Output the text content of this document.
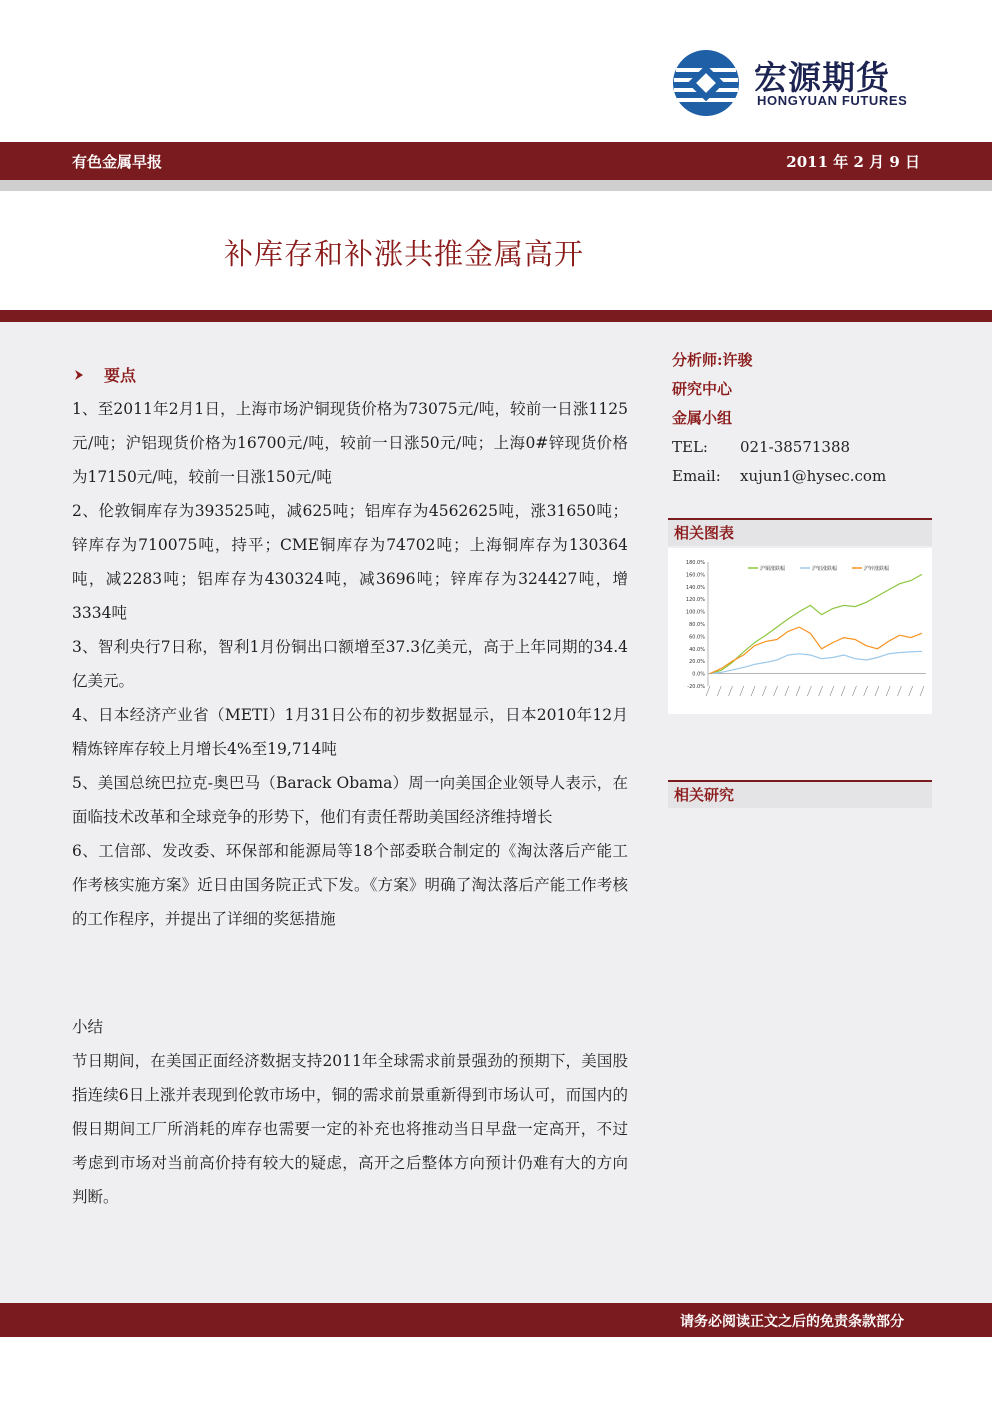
宏源期货
HONGYUAN FUTURES
有色金属早报	2011 年 2 月 9 日
补库存和补涨共推金属高开
要点

1、至2011年2月1日，上海市场沪铜现货价格为73075元/吨，较前一日涨1125元/吨；沪铝现货价格为16700元/吨，较前一日涨50元/吨；上海0#锌现货价格为17150元/吨，较前一日涨150元/吨

2、伦敦铜库存为393525吨，减625吨；铝库存为4562625吨，涨31650吨；锌库存为710075吨，持平；CME铜库存为74702吨；上海铜库存为130364吨，减2283吨；铝库存为430324吨，减3696吨；锌库存为324427吨，增3334吨

3、智利央行7日称，智利1月份铜出口额增至37.3亿美元，高于上年同期的34.4亿美元。

4、日本经济产业省（METI）1月31日公布的初步数据显示，日本2010年12月精炼锌库存较上月增长4%至19,714吨

5、美国总统巴拉克-奥巴马（Barack Obama）周一向美国企业领导人表示，在面临技术改革和全球竞争的形势下，他们有责任帮助美国经济维持增长

6、工信部、发改委、环保部和能源局等18个部委联合制定的《淘汰落后产能工作考核实施方案》近日由国务院正式下发。《方案》明确了淘汰落后产能工作考核的工作程序，并提出了详细的奖惩措施

小结

节日期间，在美国正面经济数据支持2011年全球需求前景强劲的预期下，美国股指连续6日上涨并表现到伦敦市场中，铜的需求前景重新得到市场认可，而国内的假日期间工厂所消耗的库存也需要一定的补充也将推动当日早盘一定高开，不过考虑到市场对当前高价持有较大的疑虑，高开之后整体方向预计仍难有大的方向判断。

分析师:许骏
研究中心
金属小组
TEL: 021-38571388
Email: xujun1@hysec.com
相关图表
180.0%
160.0%
140.0%
120.0%
100.0%
80.0%
60.0%
40.0%
20.0%
0.0%
-20.0%
沪铜涨跌幅	沪铝涨跌幅	沪锌涨跌幅
相关研究
请务必阅读正文之后的免责条款部分
